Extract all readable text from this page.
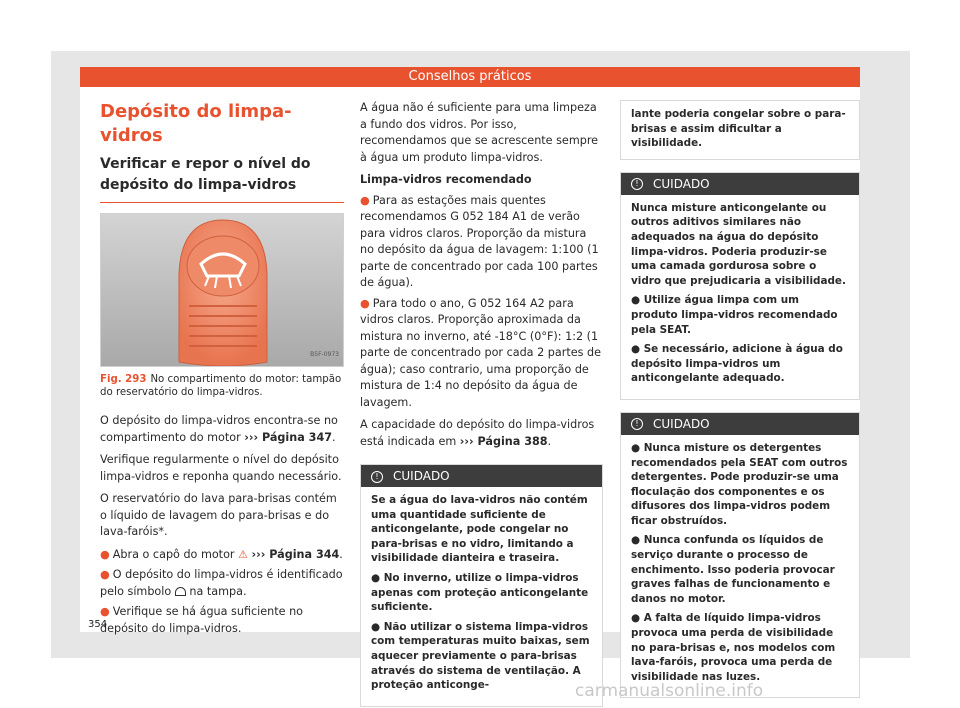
Conselhos práticos
Depósito do limpa-vidros
Verificar e repor o nível do depósito do limpa-vidros
B5F-0973
Fig. 293 No compartimento do motor: tampão do reservatório do limpa-vidros.

O depósito do limpa-vidros encontra-se no compartimento do motor ››› Página 347.

Verifique regularmente o nível do depósito limpa-vidros e reponha quando necessário.

O reservatório do lava para-brisas contém o líquido de lavagem do para-brisas e do lava-faróis*.

● Abra o capô do motor ⚠ ››› Página 344.
● O depósito do limpa-vidros é identificado pelo símbolo  na tampa.
● Verifique se há água suficiente no depósito do limpa-vidros.

A água não é suficiente para uma limpeza a fundo dos vidros. Por isso, recomendamos que se acrescente sempre à água um produto limpa-vidros.

Limpa-vidros recomendado
● Para as estações mais quentes recomendamos G 052 184 A1 de verão para vidros claros. Proporção da mistura no depósito da água de lavagem: 1:100 (1 parte de concentrado por cada 100 partes de água).
● Para todo o ano, G 052 164 A2 para vidros claros. Proporção aproximada da mistura no inverno, até -18°C (0°F): 1:2 (1 parte de concentrado por cada 2 partes de água); caso contrario, uma proporção de mistura de 1:4 no depósito da água de lavagem.

A capacidade do depósito do limpa-vidros está indicada em ››› Página 388.

! CUIDADO

Se a água do lava-vidros não contém uma quantidade suficiente de anticongelante, pode congelar no para-brisas e no vidro, limitando a visibilidade dianteira e traseira.

● No inverno, utilize o limpa-vidros apenas com proteção anticongelante suficiente.

● Não utilizar o sistema limpa-vidros com temperaturas muito baixas, sem aquecer previamente o para-brisas através do sistema de ventilação. A proteção anticonge-

lante poderia congelar sobre o para-brisas e assim dificultar a visibilidade.
! CUIDADO

Nunca misture anticongelante ou outros aditivos similares não adequados na água do depósito limpa-vidros. Poderia produzir-se uma camada gordurosa sobre o vidro que prejudicaria a visibilidade.

● Utilize água limpa com um produto limpa-vidros recomendado pela SEAT.

● Se necessário, adicione à água do depósito limpa-vidros um anticongelante adequado.

! CUIDADO

● Nunca misture os detergentes recomendados pela SEAT com outros detergentes. Pode produzir-se uma floculação dos componentes e os difusores dos limpa-vidros podem ficar obstruídos.

● Nunca confunda os líquidos de serviço durante o processo de enchimento. Isso poderia provocar graves falhas de funcionamento e danos no motor.

● A falta de líquido limpa-vidros provoca uma perda de visibilidade no para-brisas e, nos modelos com lava-faróis, provoca uma perda de visibilidade nas luzes.

354
carmanualsonline.info
